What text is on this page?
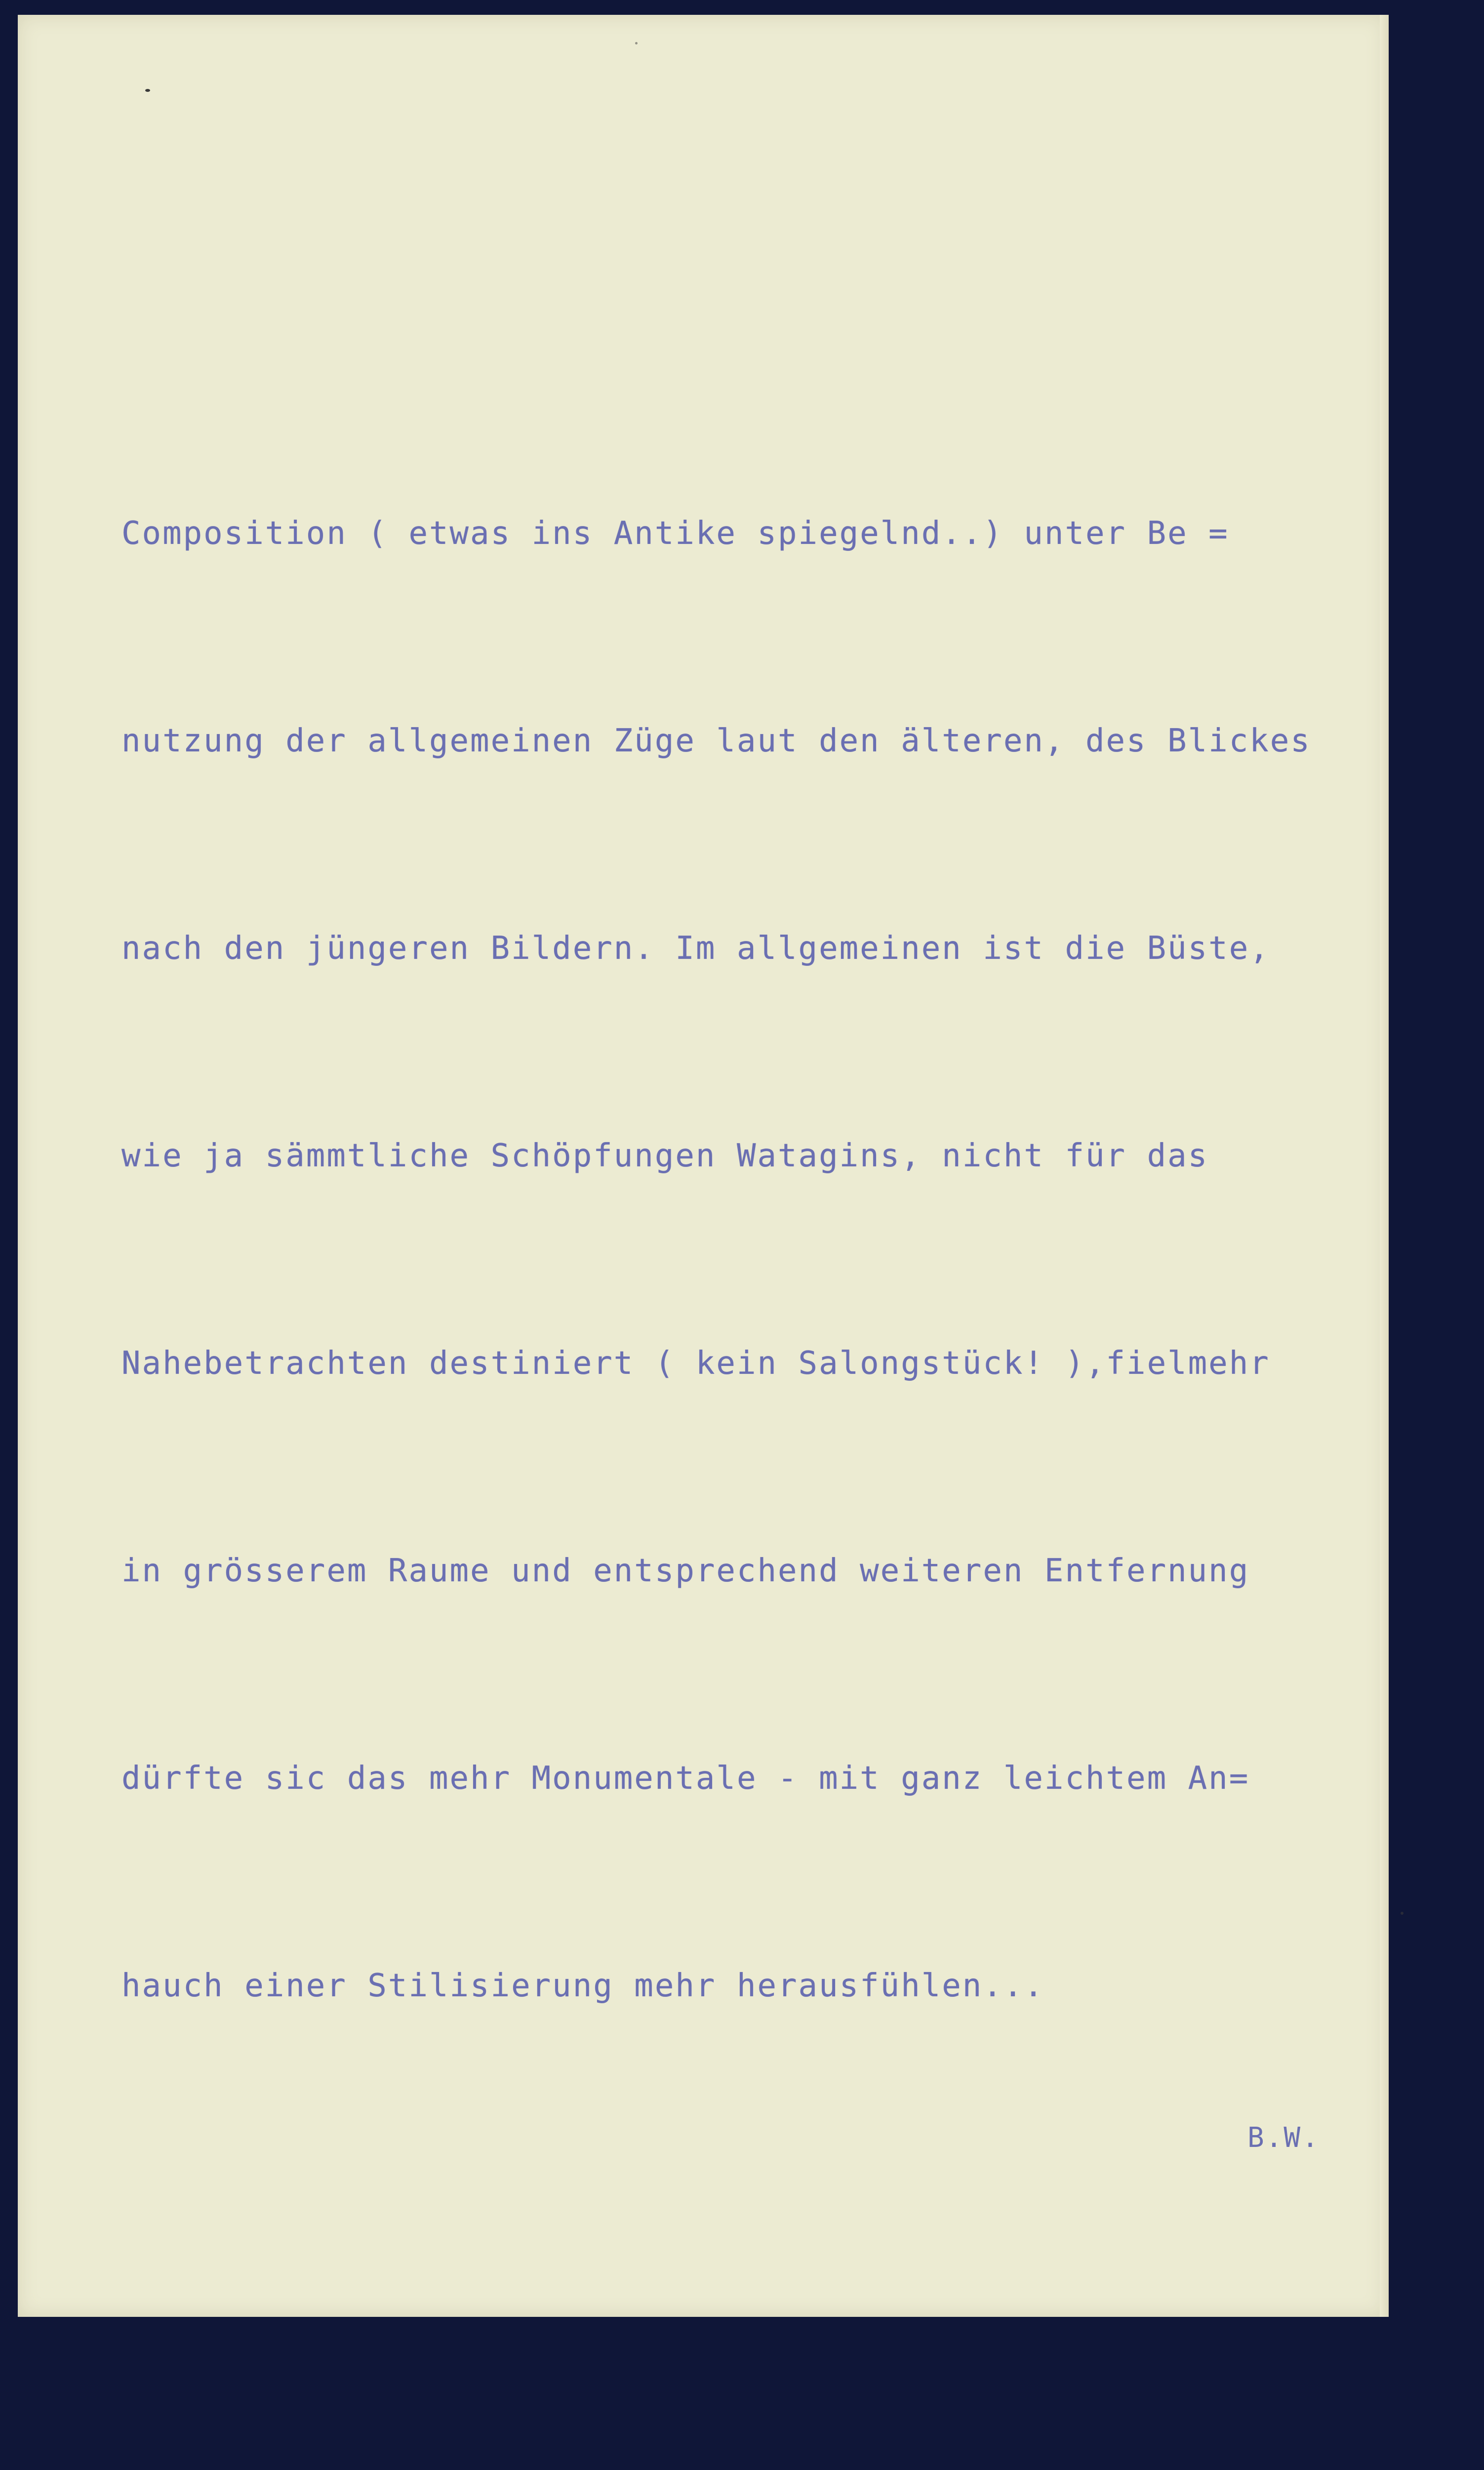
Composition ( etwas ins Antike spiegelnd..) unter Be =

nutzung der allgemeinen Züge laut den älteren, des Blickes

nach den jüngeren Bildern. Im allgemeinen ist die Büste,

wie ja sämmtliche Schöpfungen Watagins, nicht für das

Nahebetrachten destiniert ( kein Salongstück! ),fielmehr

in grösserem Raume und entsprechend weiteren Entfernung

dürfte sic das mehr Monumentale - mit ganz leichtem An=

hauch einer Stilisierung mehr herausfühlen...

B.W.
